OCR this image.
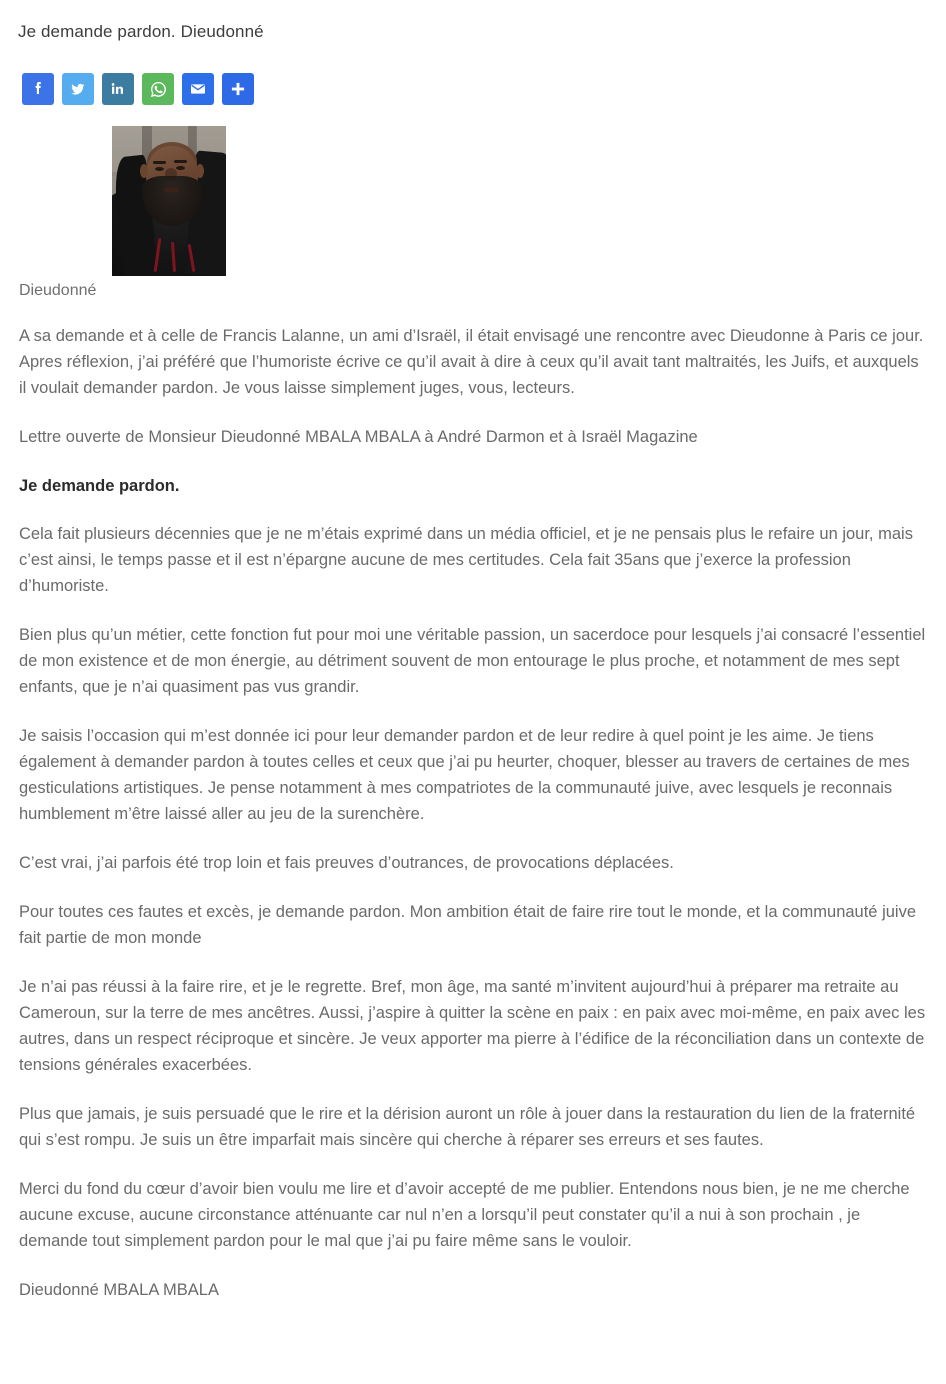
Je demande pardon. Dieudonné
Dieudonné

A sa demande et à celle de Francis Lalanne, un ami d’Israël, il était envisagé une rencontre avec Dieudonne à Paris ce jour. Apres réflexion, j’ai préféré que l’humoriste écrive ce qu’il avait à dire à ceux qu’il avait tant maltraités, les Juifs, et auxquels il voulait demander pardon. Je vous laisse simplement juges, vous, lecteurs.

Lettre ouverte de Monsieur Dieudonné MBALA MBALA à André Darmon et à Israël Magazine

Je demande pardon.

Cela fait plusieurs décennies que je ne m’étais exprimé dans un média officiel, et je ne pensais plus le refaire un jour, mais c’est ainsi, le temps passe et il est n’épargne aucune de mes certitudes. Cela fait 35ans que j’exerce la profession d’humoriste.

Bien plus qu’un métier, cette fonction fut pour moi une véritable passion, un sacerdoce pour lesquels j’ai consacré l’essentiel de mon existence et de mon énergie, au détriment souvent de mon entourage le plus proche, et notamment de mes sept enfants, que je n’ai quasiment pas vus grandir.

Je saisis l’occasion qui m’est donnée ici pour leur demander pardon et de leur redire à quel point je les aime. Je tiens également à demander pardon à toutes celles et ceux que j’ai pu heurter, choquer, blesser au travers de certaines de mes gesticulations artistiques. Je pense notamment à mes compatriotes de la communauté juive, avec lesquels je reconnais humblement m’être laissé aller au jeu de la surenchère.

C’est vrai, j’ai parfois été trop loin et fais preuves d’outrances, de provocations déplacées.

Pour toutes ces fautes et excès, je demande pardon. Mon ambition était de faire rire tout le monde, et la communauté juive fait partie de mon monde

Je n’ai pas réussi à la faire rire, et je le regrette. Bref, mon âge, ma santé m’invitent aujourd’hui à préparer ma retraite au Cameroun, sur la terre de mes ancêtres. Aussi, j’aspire à quitter la scène en paix : en paix avec moi-même, en paix avec les autres, dans un respect réciproque et sincère. Je veux apporter ma pierre à l’édifice de la réconciliation dans un contexte de tensions générales exacerbées.

Plus que jamais, je suis persuadé que le rire et la dérision auront un rôle à jouer dans la restauration du lien de la fraternité qui s’est rompu. Je suis un être imparfait mais sincère qui cherche à réparer ses erreurs et ses fautes.

Merci du fond du cœur d’avoir bien voulu me lire et d’avoir accepté de me publier. Entendons nous bien, je ne me cherche aucune excuse, aucune circonstance atténuante car nul n’en a lorsqu’il peut constater qu’il a nui à son prochain , je demande tout simplement pardon pour le mal que j’ai pu faire même sans le vouloir.

Dieudonné MBALA MBALA
